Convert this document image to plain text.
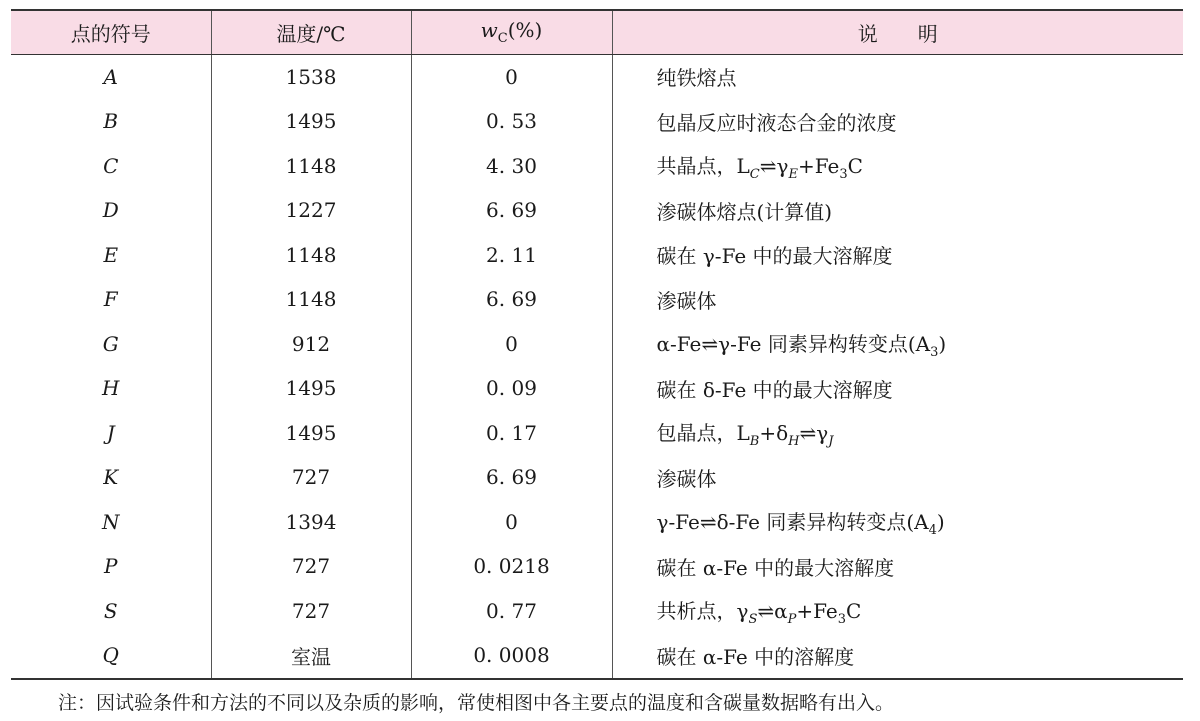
点的符号	温度/℃	$w_C(\%)$	说　　明
A	1538	0	纯铁熔点
B	1495	0. 53	包晶反应时液态合金的浓度
C	1148	4. 30	共晶点，$L_C\rightleftharpoons\gamma_E+Fe_3C$
D	1227	6. 69	渗碳体熔点(计算值)
E	1148	2. 11	碳在 γ-Fe 中的最大溶解度
F	1148	6. 69	渗碳体
G	912	0	α-Fe⇌γ-Fe 同素异构转变点$(A_3)$
H	1495	0. 09	碳在 δ-Fe 中的最大溶解度
J	1495	0. 17	包晶点，$L_B+\delta_H\rightleftharpoons\gamma_J$
K	727	6. 69	渗碳体
N	1394	0	γ-Fe⇌δ-Fe 同素异构转变点$(A_4)$
P	727	0. 0218	碳在 α-Fe 中的最大溶解度
S	727	0. 77	共析点，$\gamma_S\rightleftharpoons\alpha_P+Fe_3C$
Q	室温	0. 0008	碳在 α-Fe 中的溶解度
注：因试验条件和方法的不同以及杂质的影响，常使相图中各主要点的温度和含碳量数据略有出入。
